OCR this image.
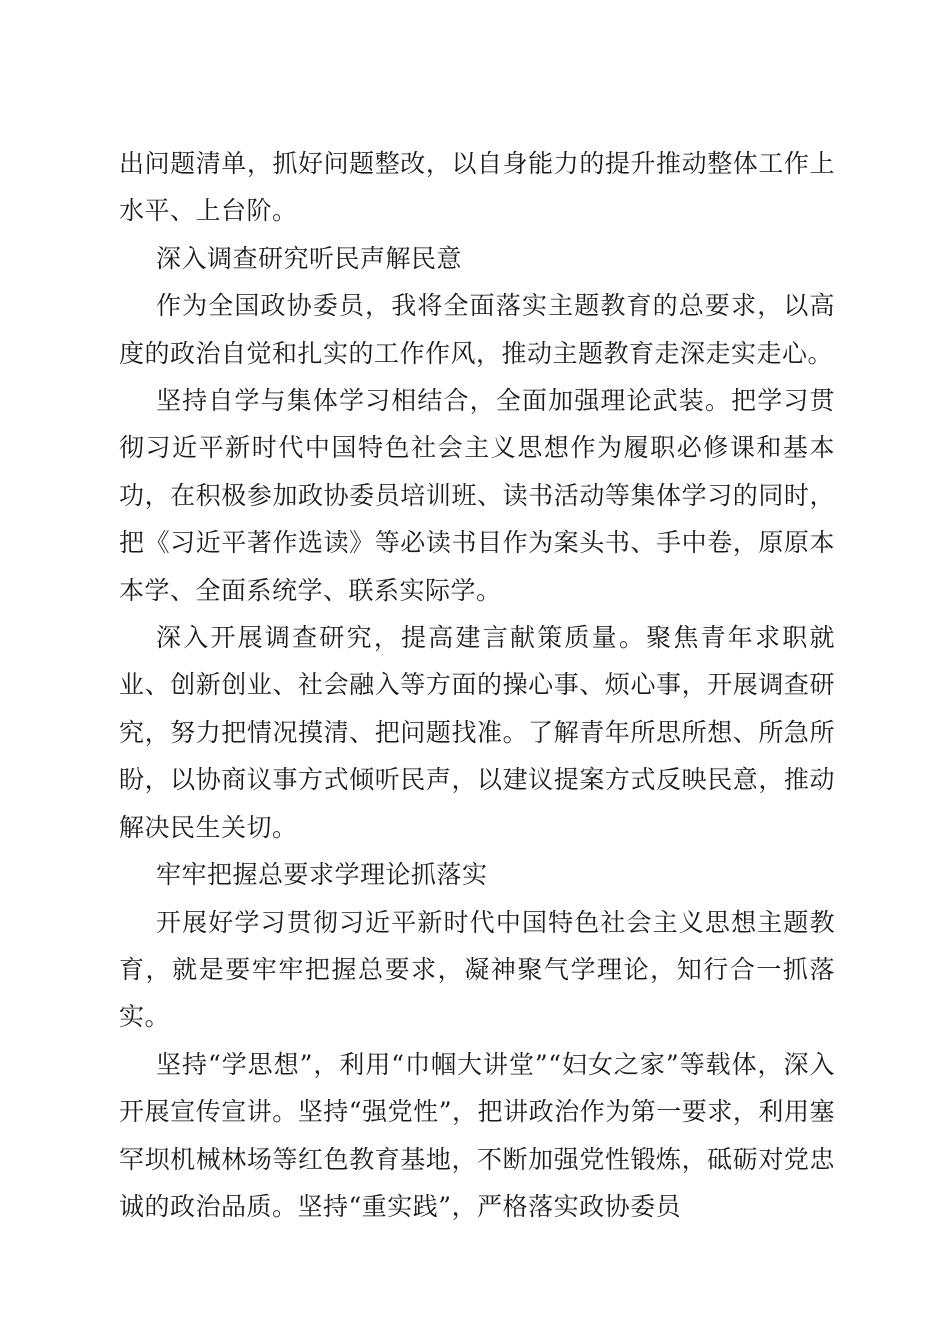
出问题清单，抓好问题整改，以自身能力的提升推动整体工作上水平、上台阶。

深入调查研究听民声解民意

作为全国政协委员，我将全面落实主题教育的总要求，以高度的政治自觉和扎实的工作作风，推动主题教育走深走实走心。

坚持自学与集体学习相结合，全面加强理论武装。把学习贯彻习近平新时代中国特色社会主义思想作为履职必修课和基本功，在积极参加政协委员培训班、读书活动等集体学习的同时，把《习近平著作选读》等必读书目作为案头书、手中卷，原原本本学、全面系统学、联系实际学。

深入开展调查研究，提高建言献策质量。聚焦青年求职就业、创新创业、社会融入等方面的操心事、烦心事，开展调查研究，努力把情况摸清、把问题找准。了解青年所思所想、所急所盼，以协商议事方式倾听民声，以建议提案方式反映民意，推动解决民生关切。

牢牢把握总要求学理论抓落实

开展好学习贯彻习近平新时代中国特色社会主义思想主题教育，就是要牢牢把握总要求，凝神聚气学理论，知行合一抓落实。

坚持“学思想”，利用“巾帼大讲堂”“妇女之家”等载体，深入开展宣传宣讲。坚持“强党性”，把讲政治作为第一要求，利用塞罕坝机械林场等红色教育基地，不断加强党性锻炼，砥砺对党忠诚的政治品质。坚持“重实践”，严格落实政协委员
